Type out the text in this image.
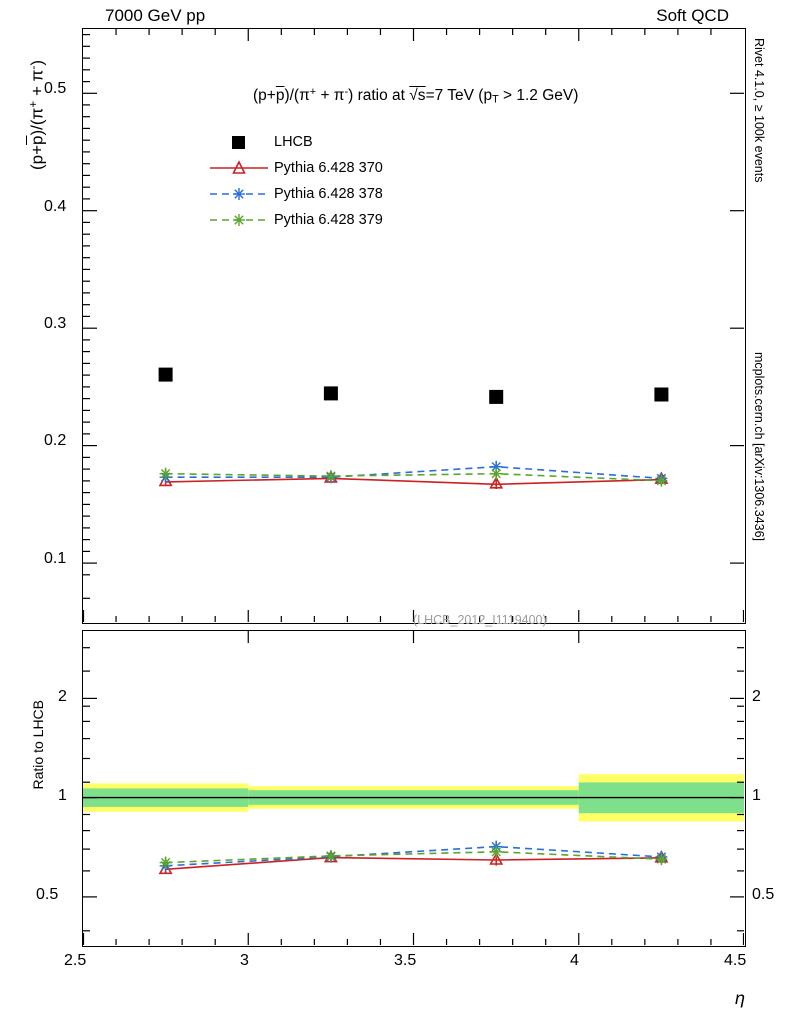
7000 GeV pp	Soft QCD
Rivet 4.1.0, ≥ 100k events
mcplots.cern.ch [arXiv:1306.3436]
$(p+\overline{p})/(\pi^+ + \pi^-)$
Ratio to LHCB
η
$(p+\overline{p})/(\pi^+ + \pi^-)$ ratio at √s=7 TeV ($p_T > 1.2$ GeV)
(LHCB_2012_I1119400)
LHCB
Pythia 6.428 370
Pythia 6.428 378
Pythia 6.428 379
0.1
0.2
0.3
0.4
0.5
0.5
1
2
0.5
1
2
2.5	3	3.5	4	4.5
